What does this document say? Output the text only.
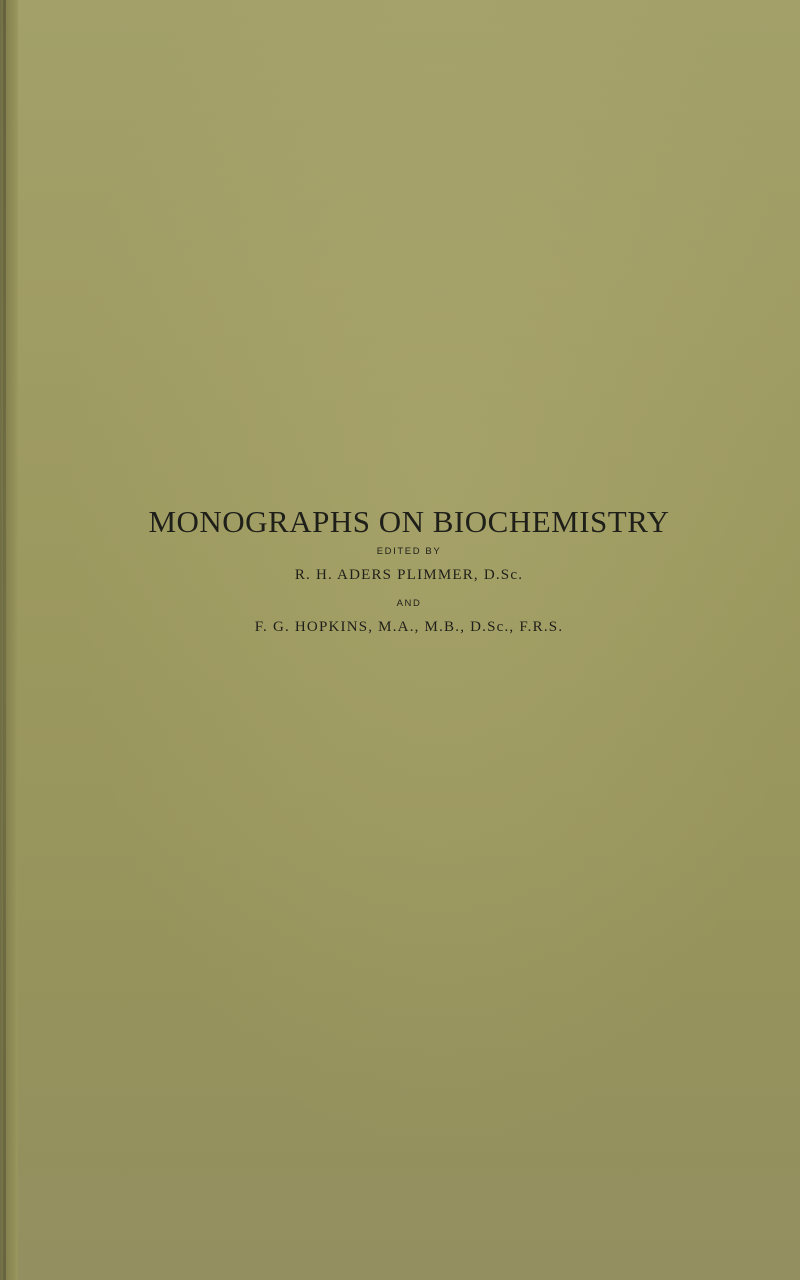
MONOGRAPHS ON BIOCHEMISTRY
EDITED BY
R. H. ADERS PLIMMER, D.Sc.
AND
F. G. HOPKINS, M.A., M.B., D.Sc., F.R.S.
